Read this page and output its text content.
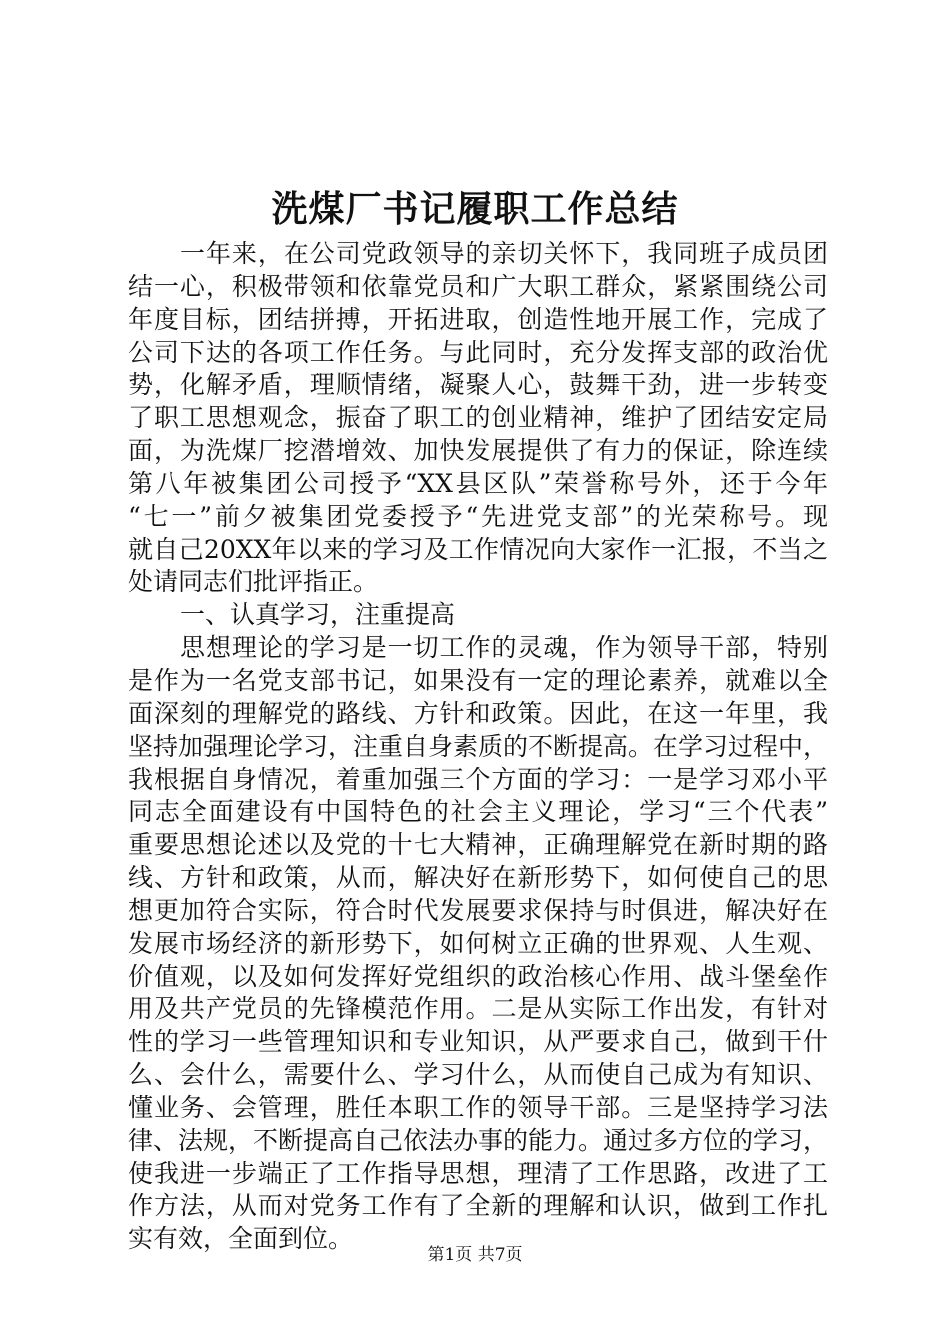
洗煤厂书记履职工作总结
一年来，在公司党政领导的亲切关怀下，我同班子成员团
结一心，积极带领和依靠党员和广大职工群众，紧紧围绕公司
年度目标，团结拼搏，开拓进取，创造性地开展工作，完成了
公司下达的各项工作任务。与此同时，充分发挥支部的政治优
势，化解矛盾，理顺情绪，凝聚人心，鼓舞干劲，进一步转变
了职工思想观念，振奋了职工的创业精神，维护了团结安定局
面，为洗煤厂挖潜增效、加快发展提供了有力的保证，除连续
第八年被集团公司授予“XX县区队”荣誉称号外，还于今年
“七一”前夕被集团党委授予“先进党支部”的光荣称号。现
就自己20XX年以来的学习及工作情况向大家作一汇报，不当之
处请同志们批评指正。
一、认真学习，注重提高
思想理论的学习是一切工作的灵魂，作为领导干部，特别
是作为一名党支部书记，如果没有一定的理论素养，就难以全
面深刻的理解党的路线、方针和政策。因此，在这一年里，我
坚持加强理论学习，注重自身素质的不断提高。在学习过程中，
我根据自身情况，着重加强三个方面的学习：一是学习邓小平
同志全面建设有中国特色的社会主义理论，学习“三个代表”
重要思想论述以及党的十七大精神，正确理解党在新时期的路
线、方针和政策，从而，解决好在新形势下，如何使自己的思
想更加符合实际，符合时代发展要求保持与时俱进，解决好在
发展市场经济的新形势下，如何树立正确的世界观、人生观、
价值观，以及如何发挥好党组织的政治核心作用、战斗堡垒作
用及共产党员的先锋模范作用。二是从实际工作出发，有针对
性的学习一些管理知识和专业知识，从严要求自己，做到干什
么、会什么，需要什么、学习什么，从而使自己成为有知识、
懂业务、会管理，胜任本职工作的领导干部。三是坚持学习法
律、法规，不断提高自己依法办事的能力。通过多方位的学习，
使我进一步端正了工作指导思想，理清了工作思路，改进了工
作方法，从而对党务工作有了全新的理解和认识，做到工作扎
实有效，全面到位。
第1页 共7页
